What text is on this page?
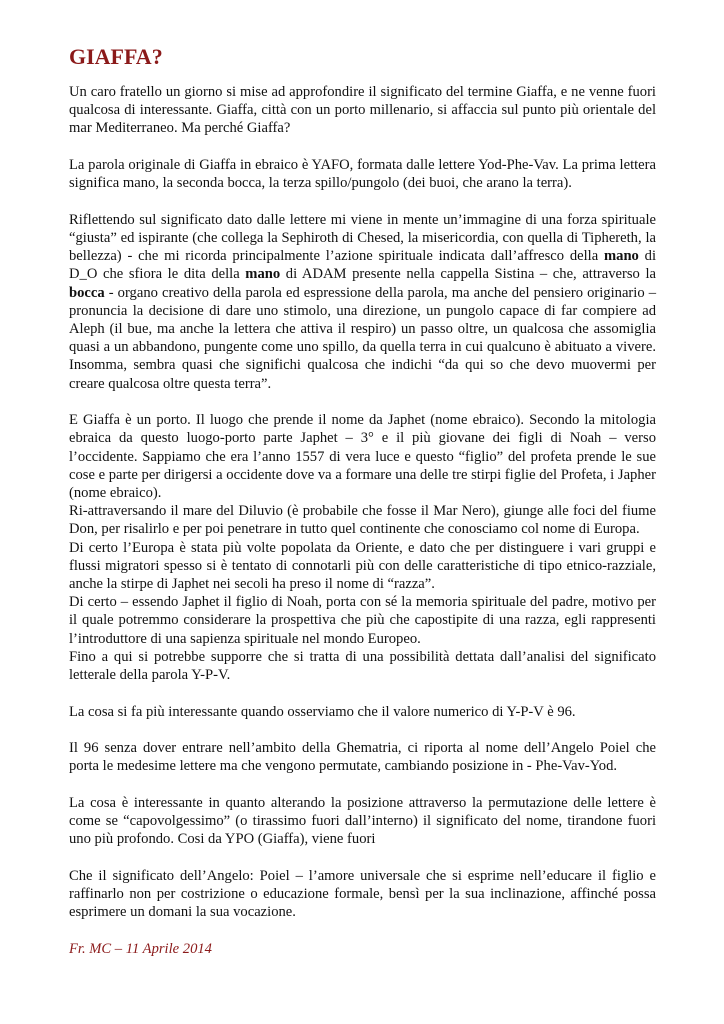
GIAFFA?

Un caro fratello un giorno si mise ad approfondire il significato del termine Giaffa, e ne venne fuori qualcosa di interessante. Giaffa, città con un porto millenario, si affaccia sul punto più orientale del mar Mediterraneo. Ma perché Giaffa?

La parola originale di Giaffa in ebraico è YAFO, formata dalle lettere Yod-Phe-Vav. La prima lettera significa mano, la seconda bocca, la terza spillo/pungolo (dei buoi, che arano la terra).

Riflettendo sul significato dato dalle lettere mi viene in mente un’immagine di una forza spirituale “giusta” ed ispirante (che collega la Sephiroth di Chesed, la misericordia, con quella di Tiphereth, la bellezza) - che mi ricorda principalmente l’azione spirituale indicata dall’affresco della mano di D_O che sfiora le dita della mano di ADAM presente nella cappella Sistina – che, attraverso la bocca - organo creativo della parola ed espressione della parola, ma anche del pensiero originario – pronuncia la decisione di dare uno stimolo, una direzione, un pungolo capace di far compiere ad Aleph (il bue, ma anche la lettera che attiva il respiro) un passo oltre, un qualcosa che assomiglia quasi a un abbandono, pungente come uno spillo, da quella terra in cui qualcuno è abituato a vivere. Insomma, sembra quasi che significhi qualcosa che indichi “da qui so che devo muovermi per creare qualcosa oltre questa terra”.

E Giaffa è un porto. Il luogo che prende il nome da Japhet (nome ebraico). Secondo la mitologia ebraica da questo luogo-porto parte Japhet – 3° e il più giovane dei figli di Noah – verso l’occidente. Sappiamo che era l’anno 1557 di vera luce e questo “figlio” del profeta prende le sue cose e parte per dirigersi a occidente dove va a formare una delle tre stirpi figlie del Profeta, i Japher (nome ebraico).

Ri-attraversando il mare del Diluvio (è probabile che fosse il Mar Nero), giunge alle foci del fiume Don, per risalirlo e per poi penetrare in tutto quel continente che conosciamo col nome di Europa.

Di certo l’Europa è stata più volte popolata da Oriente, e dato che per distinguere i vari gruppi e flussi migratori spesso si è tentato di connotarli più con delle caratteristiche di tipo etnico-razziale, anche la stirpe di Japhet nei secoli ha preso il nome di “razza”.

Di certo – essendo Japhet il figlio di Noah, porta con sé la memoria spirituale del padre, motivo per il quale potremmo considerare la prospettiva che più che capostipite di una razza, egli rappresenti l’introduttore di una sapienza spirituale nel mondo Europeo.

Fino a qui si potrebbe supporre che si tratta di una possibilità dettata dall’analisi del significato letterale della parola Y-P-V.

La cosa si fa più interessante quando osserviamo che il valore numerico di Y-P-V è 96.

Il 96 senza dover entrare nell’ambito della Ghematria, ci riporta al nome dell’Angelo Poiel che porta le medesime lettere ma che vengono permutate, cambiando posizione in - Phe-Vav-Yod.

La cosa è interessante in quanto alterando la posizione attraverso la permutazione delle lettere è come se “capovolgessimo” (o tirassimo fuori dall’interno) il significato del nome, tirandone fuori uno più profondo. Cosi da YPO (Giaffa), viene fuori

Che il significato dell’Angelo: Poiel – l’amore universale che si esprime nell’educare il figlio e raffinarlo non per costrizione o educazione formale, bensì per la sua inclinazione, affinché possa esprimere un domani la sua vocazione.

Fr. MC – 11 Aprile 2014
